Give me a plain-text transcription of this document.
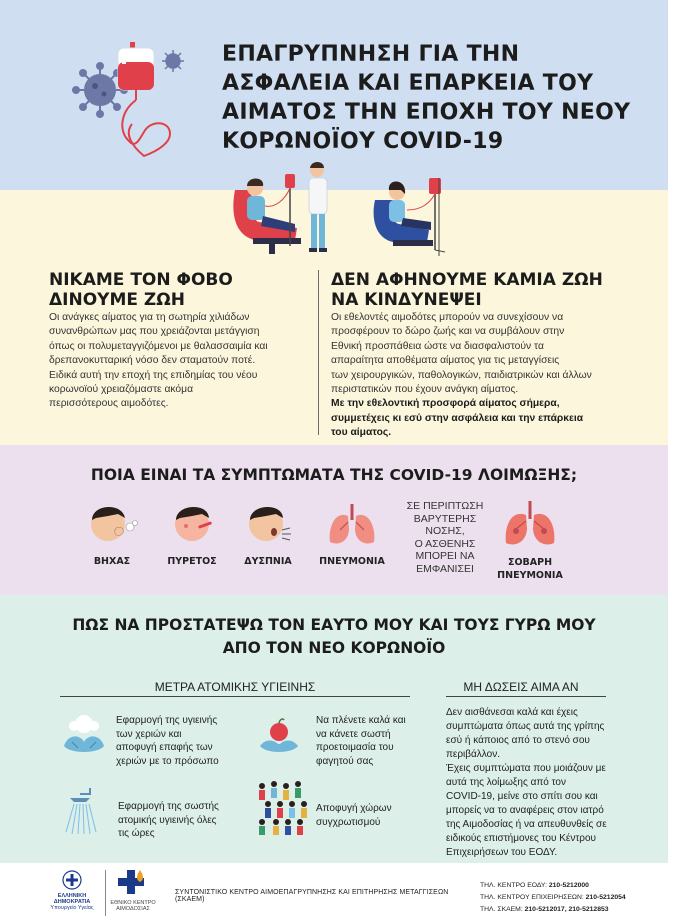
ΕΠΑΓΡΥΠΝΗΣΗ ΓΙΑ ΤΗΝ
ΑΣΦΑΛΕΙΑ ΚΑΙ ΕΠΑΡΚΕΙΑ ΤΟΥ
ΑΙΜΑΤΟΣ ΤΗΝ ΕΠΟΧΗ ΤΟΥ ΝΕΟΥ
ΚΟΡΩΝΟΪΟΥ COVID-19
ΝΙΚΑΜΕ ΤΟΝ ΦΟΒΟ
ΔΙΝΟΥΜΕ ΖΩΗ
Οι ανάγκες αίματος για τη σωτηρία χιλιάδων
συνανθρώπων μας που χρειάζονται μετάγγιση
όπως οι πολυμεταγγιζόμενοι με θαλασσαιμία και
δρεπανοκυτταρική νόσο δεν σταματούν ποτέ.
Ειδικά αυτή την εποχή της επιδημίας του νέου
κορωνοϊού χρειαζόμαστε ακόμα
περισσότερους αιμοδότες.
ΔΕΝ ΑΦΗΝΟΥΜΕ ΚΑΜΙΑ ΖΩΗ
ΝΑ ΚΙΝΔΥΝΕΨΕΙ
Οι εθελοντές αιμοδότες μπορούν να συνεχίσουν να
προσφέρουν το δώρο ζωής και να συμβάλουν στην
Εθνική προσπάθεια ώστε να διασφαλιστούν τα
απαραίτητα αποθέματα αίματος για τις μεταγγίσεις
των χειρουργικών, παθολογικών, παιδιατρικών και άλλων
περιστατικών που έχουν ανάγκη αίματος.
Με την εθελοντική προσφορά αίματος σήμερα,
συμμετέχεις κι εσύ στην ασφάλεια και την επάρκεια
του αίματος.
ΠΟΙΑ ΕΙΝΑΙ ΤΑ ΣΥΜΠΤΩΜΑΤΑ ΤΗΣ COVID-19 ΛΟΙΜΩΞΗΣ;
ΒΗΧΑΣ	ΠΥΡΕΤΟΣ	ΔΥΣΠΝΙΑ	ΠΝΕΥΜΟΝΙΑ
ΣΕ ΠΕΡΙΠΤΩΣΗ
ΒΑΡΥΤΕΡΗΣ
ΝΟΣΗΣ,
Ο ΑΣΘΕΝΗΣ
ΜΠΟΡΕΙ ΝΑ
ΕΜΦΑΝΙΣΕΙ
ΣΟΒΑΡΗ
ΠΝΕΥΜΟΝΙΑ
ΠΩΣ ΝΑ ΠΡΟΣΤΑΤΕΨΩ ΤΟΝ ΕΑΥΤΟ ΜΟΥ ΚΑΙ ΤΟΥΣ ΓΥΡΩ ΜΟΥ
ΑΠΟ ΤΟΝ ΝΕΟ ΚΟΡΩΝΟΪΟ
ΜΕΤΡΑ ΑΤΟΜΙΚΗΣ ΥΓΙΕΙΝΗΣ	ΜΗ ΔΩΣΕΙΣ ΑΙΜΑ ΑΝ
Εφαρμογή της υγιεινής
των χεριών και
αποφυγή επαφής των
χεριών με το πρόσωπο
Να πλένετε καλά και
να κάνετε σωστή
προετοιμασία του
φαγητού σας
Εφαρμογή της σωστής
ατομικής υγιεινής όλες
τις ώρες
Αποφυγή χώρων
συγχρωτισμού
Δεν αισθάνεσαι καλά και έχεις
συμπτώματα όπως αυτά της γρίπης
εσύ ή κάποιος από το στενό σου
περιβάλλον.
Έχεις συμπτώματα που μοιάζουν με
αυτά της λοίμωξης από τον
COVID-19, μείνε στο σπίτι σου και
μπορείς να το αναφέρεις στον ιατρό
της Αιμοδοσίας ή να απευθυνθείς σε
ειδικούς επιστήμονες του Κέντρου
Επιχειρήσεων του ΕΟΔΥ.
ΕΛΛΗΝΙΚΗ ΔΗΜΟΚΡΑΤΙΑ
Υπουργείο Υγείας
ΕΘΝΙΚΟ ΚΕΝΤΡΟ ΑΙΜΟΔΟΣΙΑΣ
ΣΥΝΤΟΝΙΣΤΙΚΟ ΚΕΝΤΡΟ ΑΙΜΟΕΠΑΓΡΥΠΝΗΣΗΣ ΚΑΙ ΕΠΙΤΗΡΗΣΗΣ ΜΕΤΑΓΓΙΣΕΩΝ (ΣΚΑΕΜ)
ΤΗΛ. ΚΕΝΤΡΟ ΕΟΔΥ: 210-5212000
ΤΗΛ. ΚΕΝΤΡΟΥ ΕΠΙΧΕΙΡΗΣΕΩΝ: 210-5212054
ΤΗΛ. ΣΚΑΕΜ: 210-5212017, 210-5212853
